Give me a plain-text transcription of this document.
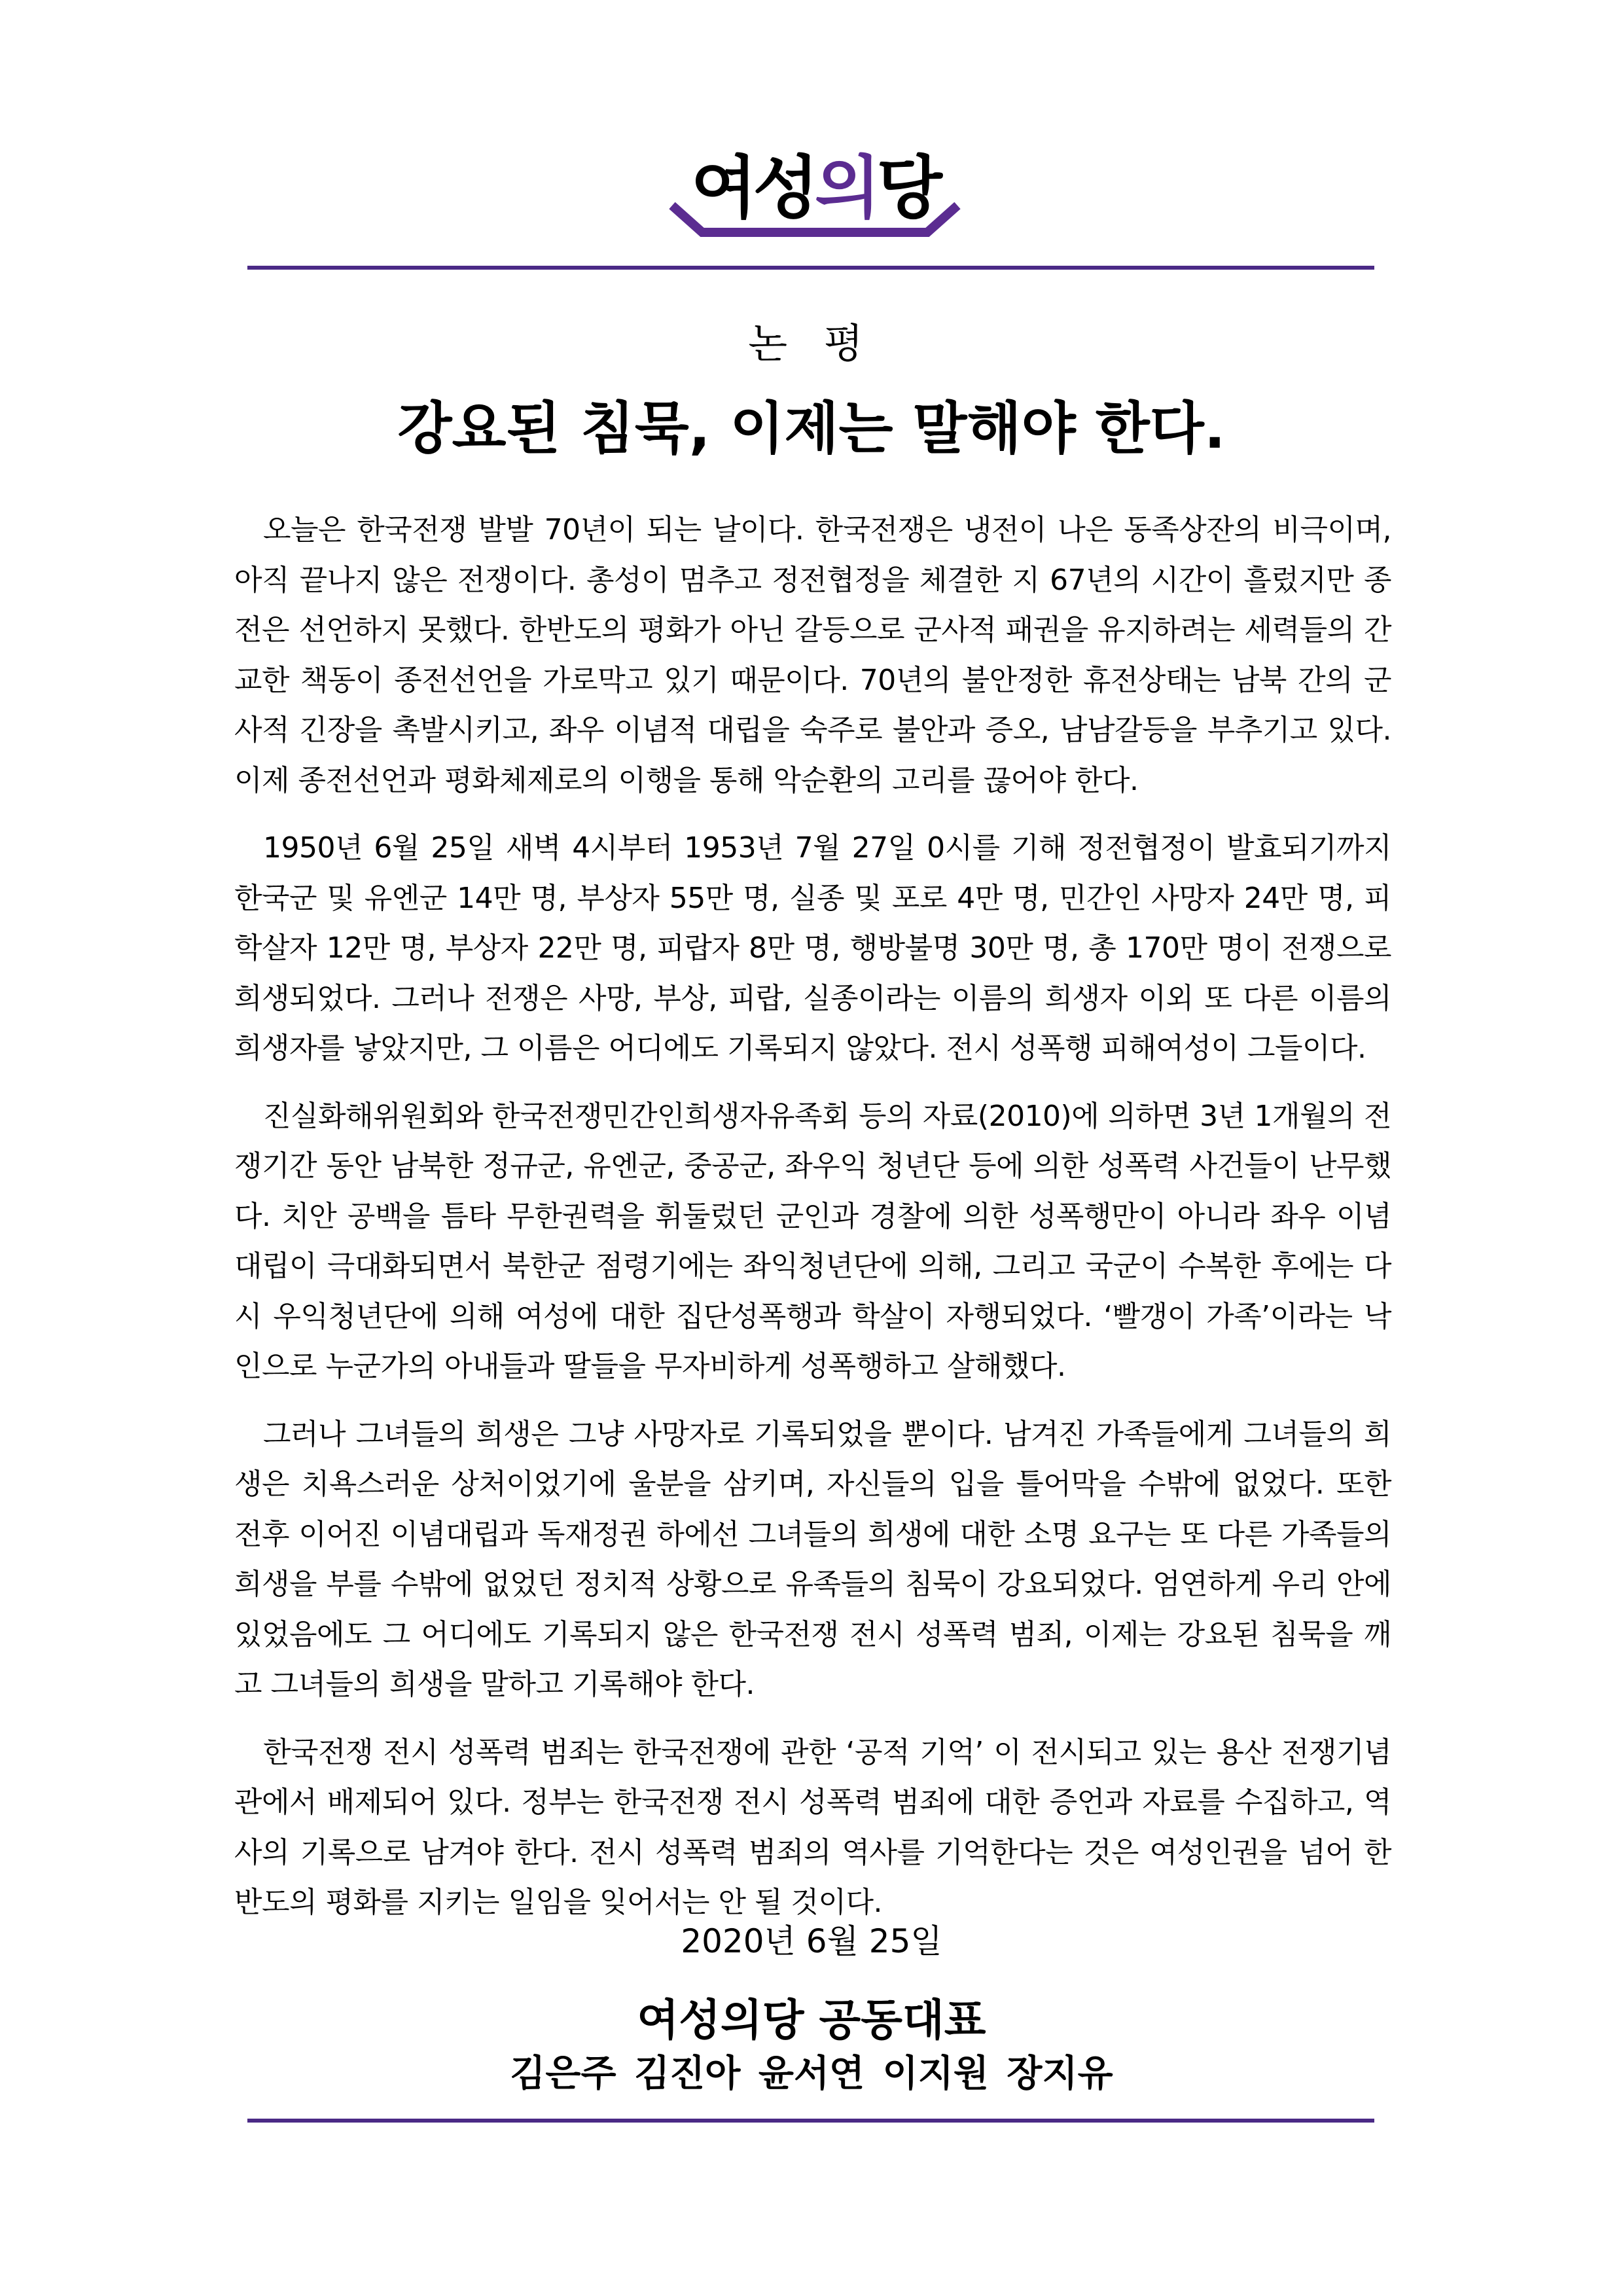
여성의당
논 평
강요된 침묵, 이제는 말해야 한다.

오늘은 한국전쟁 발발 70년이 되는 날이다. 한국전쟁은 냉전이 나은 동족상잔의 비극이며, 아직 끝나지 않은 전쟁이다. 총성이 멈추고 정전협정을 체결한 지 67년의 시간이 흘렀지만 종전은 선언하지 못했다. 한반도의 평화가 아닌 갈등으로 군사적 패권을 유지하려는 세력들의 간교한 책동이 종전선언을 가로막고 있기 때문이다. 70년의 불안정한 휴전상태는 남북 간의 군사적 긴장을 촉발시키고, 좌우 이념적 대립을 숙주로 불안과 증오, 남남갈등을 부추기고 있다. 이제 종전선언과 평화체제로의 이행을 통해 악순환의 고리를 끊어야 한다.

1950년 6월 25일 새벽 4시부터 1953년 7월 27일 0시를 기해 정전협정이 발효되기까지 한국군 및 유엔군 14만 명, 부상자 55만 명, 실종 및 포로 4만 명, 민간인 사망자 24만 명, 피학살자 12만 명, 부상자 22만 명, 피랍자 8만 명, 행방불명 30만 명, 총 170만 명이 전쟁으로 희생되었다. 그러나 전쟁은 사망, 부상, 피랍, 실종이라는 이름의 희생자 이외 또 다른 이름의 희생자를 낳았지만, 그 이름은 어디에도 기록되지 않았다. 전시 성폭행 피해여성이 그들이다.

진실화해위원회와 한국전쟁민간인희생자유족회 등의 자료(2010)에 의하면 3년 1개월의 전쟁기간 동안 남북한 정규군, 유엔군, 중공군, 좌우익 청년단 등에 의한 성폭력 사건들이 난무했다. 치안 공백을 틈타 무한권력을 휘둘렀던 군인과 경찰에 의한 성폭행만이 아니라 좌우 이념 대립이 극대화되면서 북한군 점령기에는 좌익청년단에 의해, 그리고 국군이 수복한 후에는 다시 우익청년단에 의해 여성에 대한 집단성폭행과 학살이 자행되었다. ‘빨갱이 가족’이라는 낙인으로 누군가의 아내들과 딸들을 무자비하게 성폭행하고 살해했다.

그러나 그녀들의 희생은 그냥 사망자로 기록되었을 뿐이다. 남겨진 가족들에게 그녀들의 희생은 치욕스러운 상처이었기에 울분을 삼키며, 자신들의 입을 틀어막을 수밖에 없었다. 또한 전후 이어진 이념대립과 독재정권 하에선 그녀들의 희생에 대한 소명 요구는 또 다른 가족들의 희생을 부를 수밖에 없었던 정치적 상황으로 유족들의 침묵이 강요되었다. 엄연하게 우리 안에 있었음에도 그 어디에도 기록되지 않은 한국전쟁 전시 성폭력 범죄, 이제는 강요된 침묵을 깨고 그녀들의 희생을 말하고 기록해야 한다.

한국전쟁 전시 성폭력 범죄는 한국전쟁에 관한 ‘공적 기억’ 이 전시되고 있는 용산 전쟁기념관에서 배제되어 있다. 정부는 한국전쟁 전시 성폭력 범죄에 대한 증언과 자료를 수집하고, 역사의 기록으로 남겨야 한다. 전시 성폭력 범죄의 역사를 기억한다는 것은 여성인권을 넘어 한반도의 평화를 지키는 일임을 잊어서는 안 될 것이다.

2020년 6월 25일
여성의당 공동대표
김은주 김진아 윤서연 이지원 장지유
